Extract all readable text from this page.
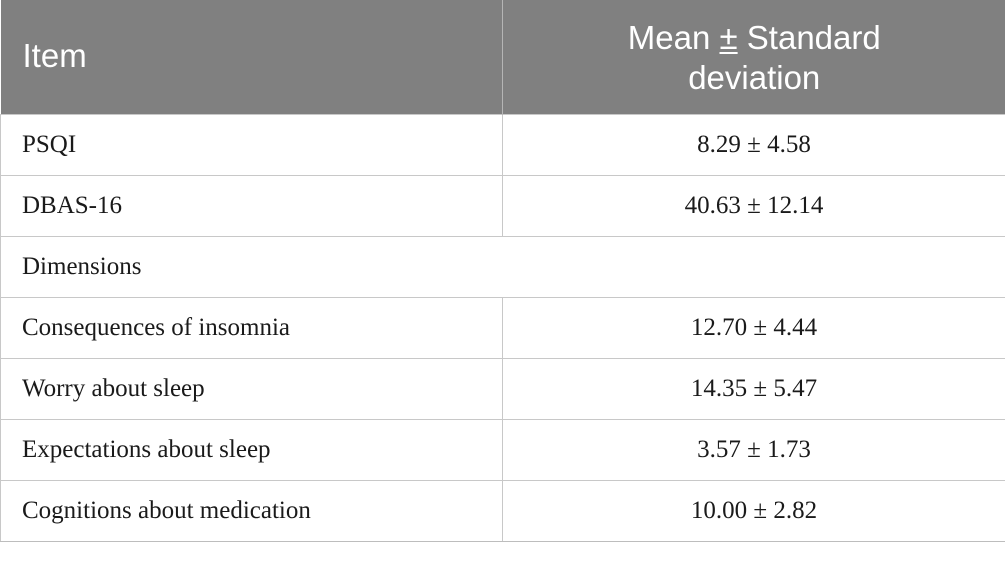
Item	Mean ± Standard
deviation
PSQI	8.29 ± 4.58
DBAS-16	40.63 ± 12.14
Dimensions	
Consequences of insomnia	12.70 ± 4.44
Worry about sleep	14.35 ± 5.47
Expectations about sleep	3.57 ± 1.73
Cognitions about medication	10.00 ± 2.82
